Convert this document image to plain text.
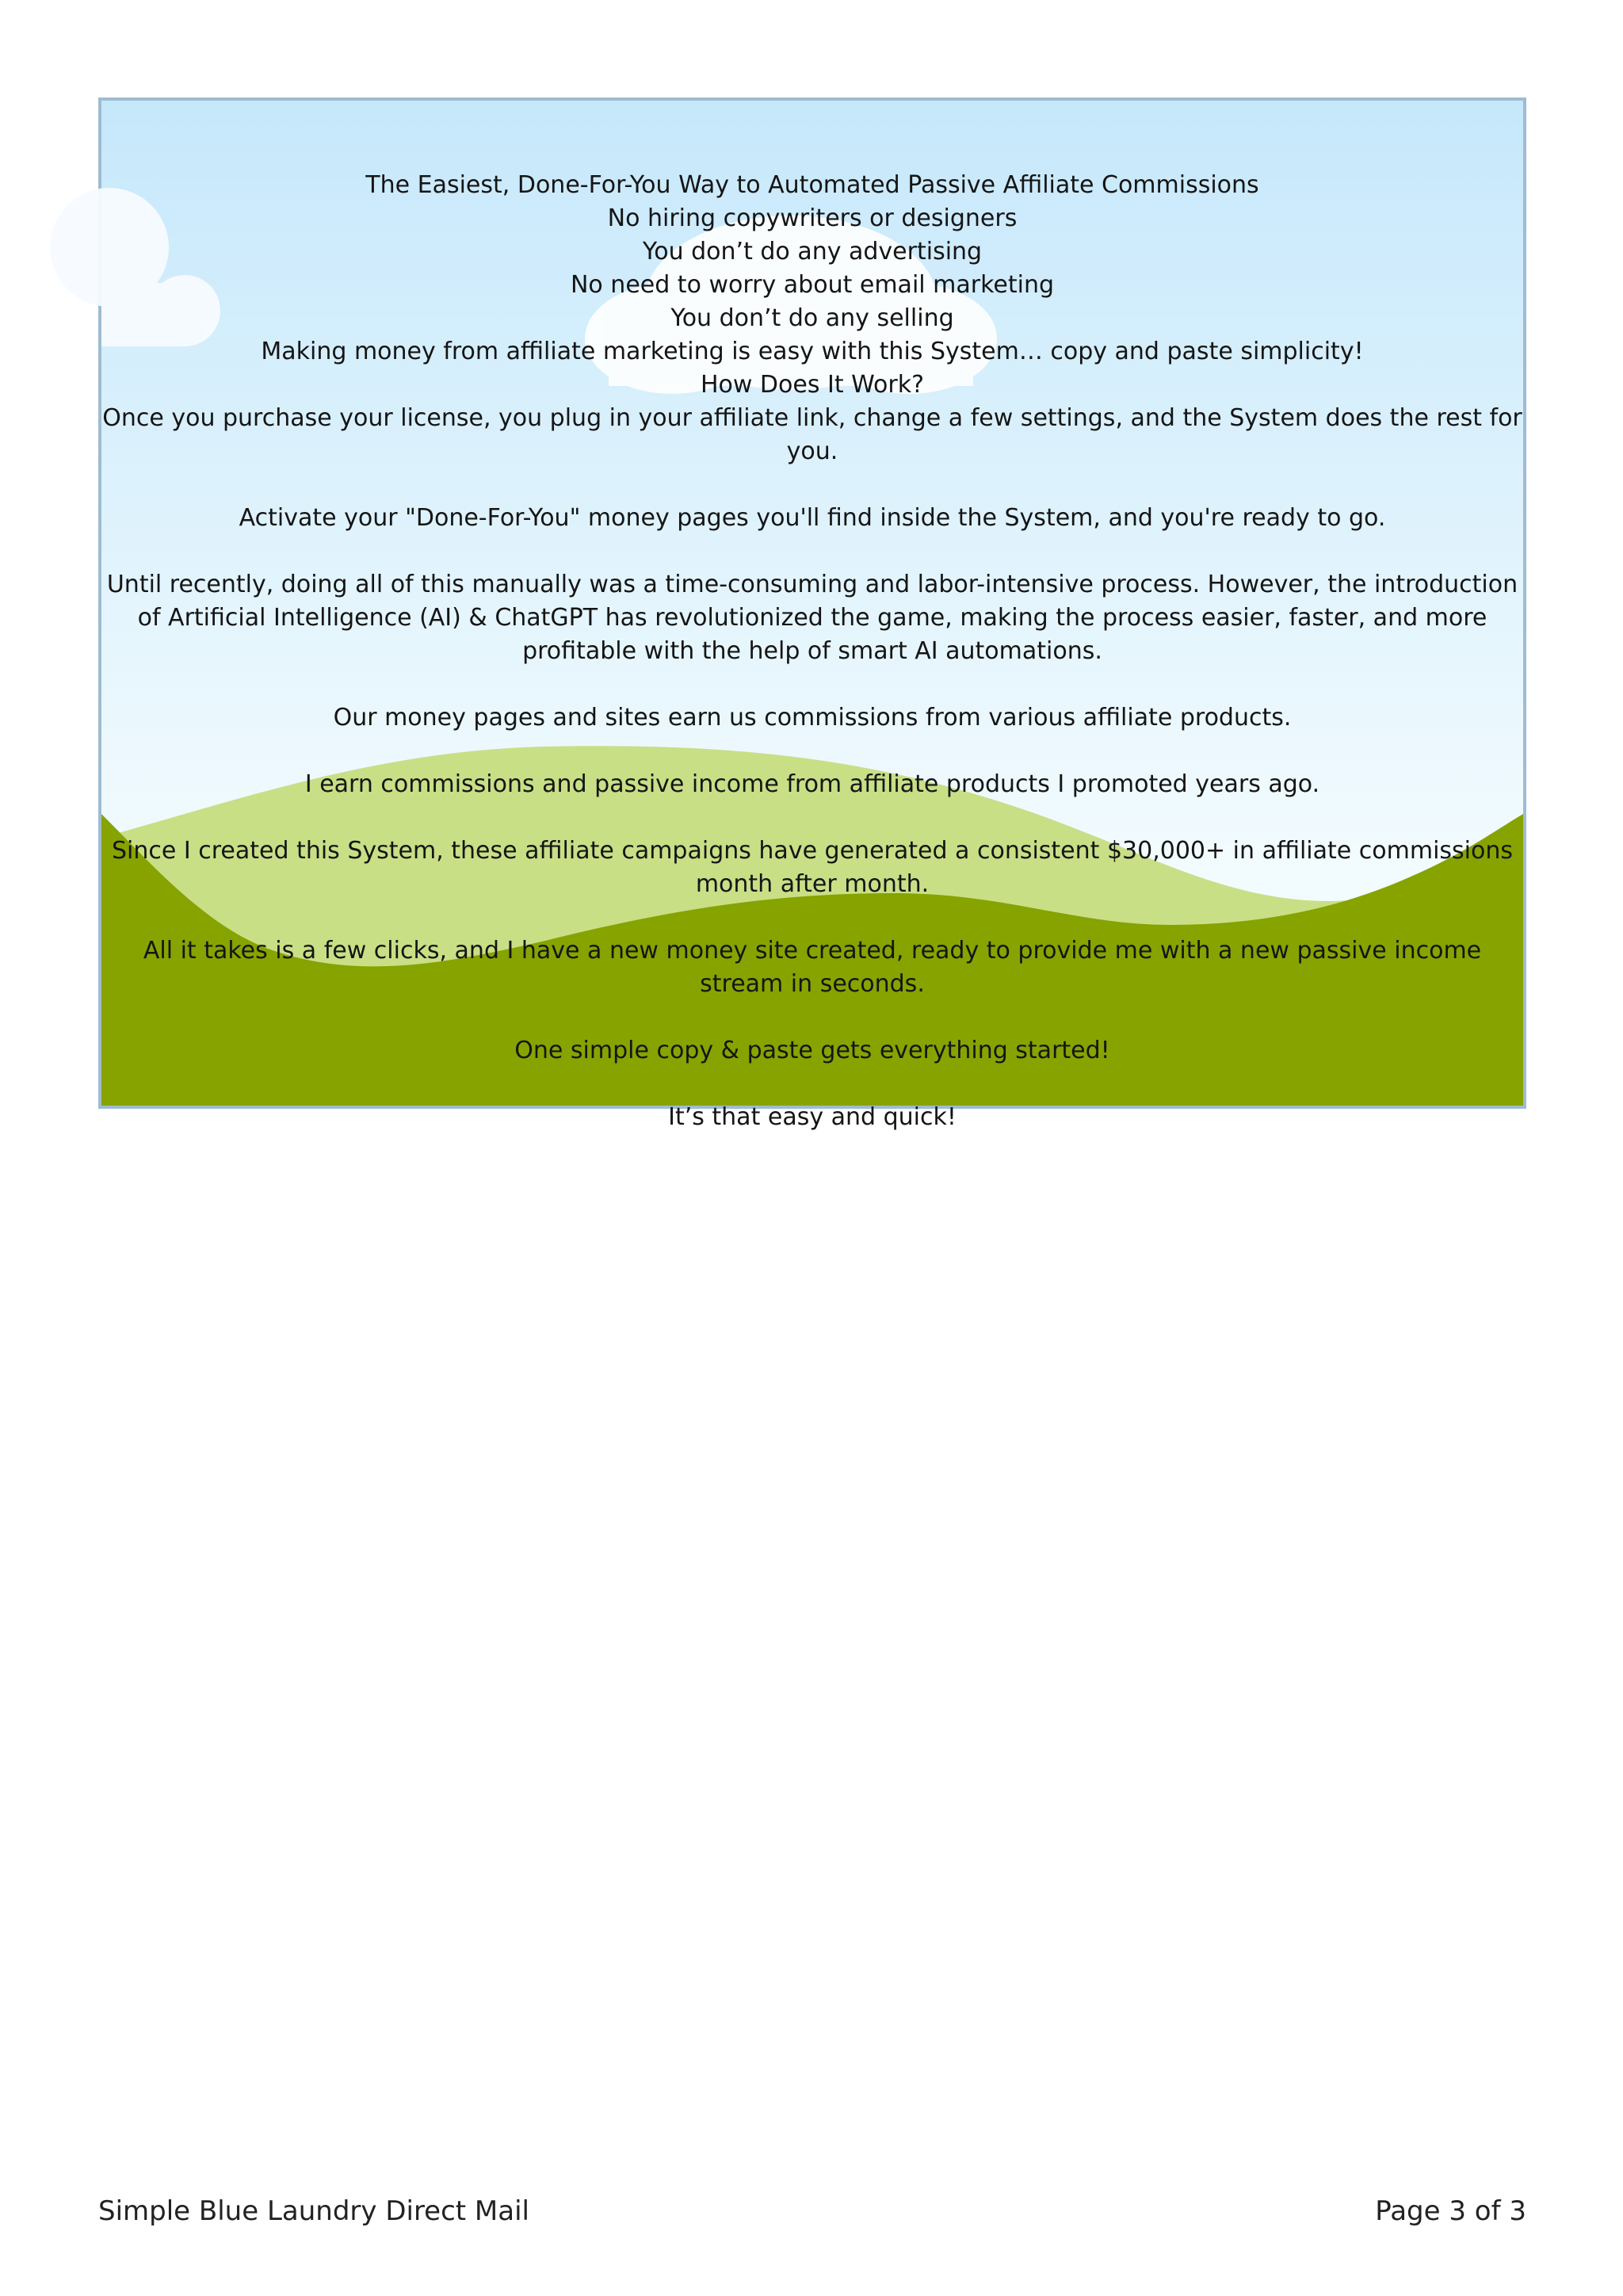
The Easiest, Done-For-You Way to Automated Passive Affiliate Commissions

No hiring copywriters or designers

You don’t do any advertising

No need to worry about email marketing

You don’t do any selling

Making money from affiliate marketing is easy with this System… copy and paste simplicity!

How Does It Work?

Once you purchase your license, you plug in your affiliate link, change a few settings, and the System does the rest for you.

Activate your "Done-For-You" money pages you'll find inside the System, and you're ready to go.

Until recently, doing all of this manually was a time-consuming and labor-intensive process. However, the introduction of Artificial Intelligence (AI) & ChatGPT has revolutionized the game, making the process easier, faster, and more profitable with the help of smart AI automations.

Our money pages and sites earn us commissions from various affiliate products.

I earn commissions and passive income from affiliate products I promoted years ago.

Since I created this System, these affiliate campaigns have generated a consistent $30,000+ in affiliate commissions month after month.

All it takes is a few clicks, and I have a new money site created, ready to provide me with a new passive income stream in seconds.

One simple copy & paste gets everything started!

It’s that easy and quick!

Simple Blue Laundry Direct Mail	Page 3 of 3
